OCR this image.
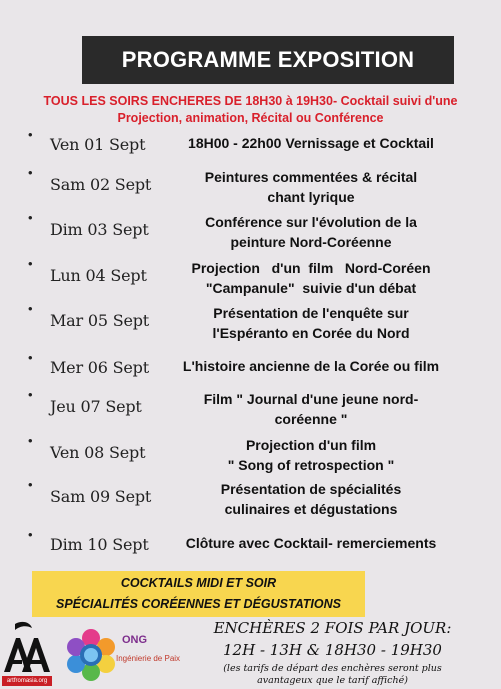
PROGRAMME EXPOSITION
TOUS LES SOIRS ENCHERES DE 18H30 à 19H30- Cocktail suivi d'une
Projection, animation, Récital ou Conférence
•
Ven 01 Sept	18H00 - 22h00 Vernissage et Cocktail
•
Sam 02 Sept	Peintures commentées & récital
chant lyrique
•
Dim 03 Sept	Conférence sur l'évolution de la
peinture Nord-Coréenne
•
Lun 04 Sept	Projection   d'un  film   Nord-Coréen
"Campanule"  suivie d'un débat
•
Mar 05 Sept	Présentation de l'enquête sur
l'Espéranto en Corée du Nord
•
Mer 06 Sept	L'histoire ancienne de la Corée ou film
•
Jeu 07 Sept	Film " Journal d'une jeune nord-
coréenne "
•
Ven 08 Sept	Projection d'un film
" Song of retrospection "
•
Sam 09 Sept	Présentation de spécialités
culinaires et dégustations
•
Dim 10 Sept	Clôture avec Cocktail- remerciements
COCKTAILS MIDI ET SOIR
SPÉCIALITÉS CORÉENNES ET DÉGUSTATIONS
ENCHÈRES 2 FOIS PAR JOUR:
12H - 13H & 18H30 - 19H30
(les tarifs de départ des enchères seront plus
avantageux que le tarif affiché)
artfromasia.org
ONG
Ingénierie de Paix
